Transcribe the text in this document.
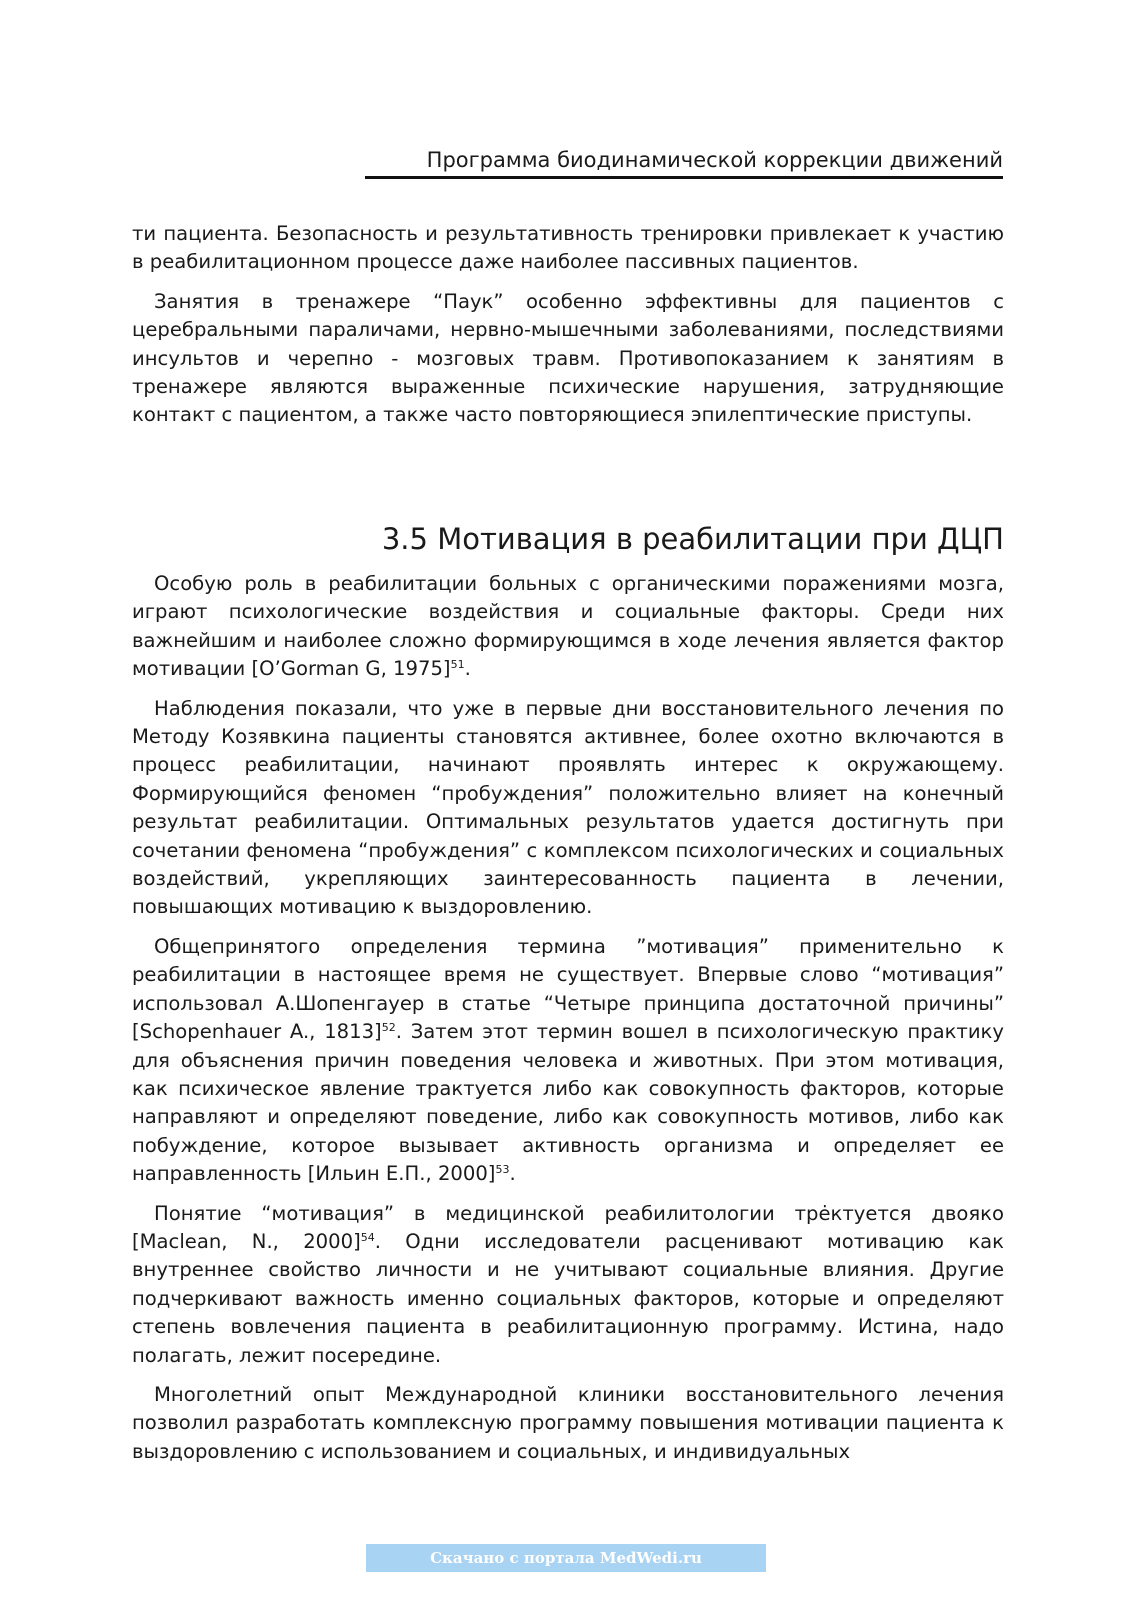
Программа биодинамической коррекции движений

ти пациента. Безопасность и результативность тренировки привлекает к участию в реабилитационном процессе даже наиболее пассивных пациентов.

Занятия в тренажере “Паук” особенно эффективны для пациентов с церебральными параличами, нервно-мышечными заболеваниями, последствиями инсультов и черепно - мозговых травм. Противопоказанием к занятиям в тренажере являются выраженные психические нарушения, затрудняющие контакт с пациентом, а также часто повторяющиеся эпилептические приступы.

3.5 Мотивация в реабилитации при ДЦП

Особую роль в реабилитации больных с органическими поражениями мозга, играют психологические воздействия и социальные факторы. Среди них важнейшим и наиболее сложно формирующимся в ходе лечения является фактор мотивации [O’Gorman G, 1975]$^{51}$.

Наблюдения показали, что уже в первые дни восстановительного лечения по Методу Козявкина пациенты становятся активнее, более охотно включаются в процесс реабилитации, начинают проявлять интерес к окружающему. Формирующийся феномен “пробуждения” положительно влияет на конечный результат реабилитации. Оптимальных результатов удается достигнуть при сочетании феномена “пробуждения” с комплексом психологических и социальных воздействий, укрепляющих заинтересованность пациента в лечении, повышающих мотивацию к выздоровлению.

Общепринятого определения термина ”мотивация” применительно к реабилитации в настоящее время не существует. Впервые слово “мотивация” использовал А.Шопенгауер в статье “Четыре принципа достаточной причины” [Schopenhauer A., 1813]$^{52}$. Затем этот термин вошел в психологическую практику для объяснения причин поведения человека и животных. При этом мотивация, как психическое явление трактуется либо как совокупность факторов, которые направляют и определяют поведение, либо как совокупность мотивов, либо как побуждение, которое вызывает активность организма и определяет ее направленность [Ильин Е.П., 2000]$^{53}$.

Понятие “мотивация” в медицинской реабилитологии трėктуется двояко [Maclean, N., 2000]$^{54}$. Одни исследователи расценивают мотивацию как внутреннее свойство личности и не учитывают социальные влияния. Другие подчеркивают важность именно социальных факторов, которые и определяют степень вовлечения пациента в реабилитационную программу. Истина, надо полагать, лежит посередине.

Многолетний опыт Международной клиники восстановительного лечения позволил разработать комплексную программу повышения мотивации пациента к выздоровлению с использованием и социальных, и индивидуальных

Скачано с портала MedWedi.ru
